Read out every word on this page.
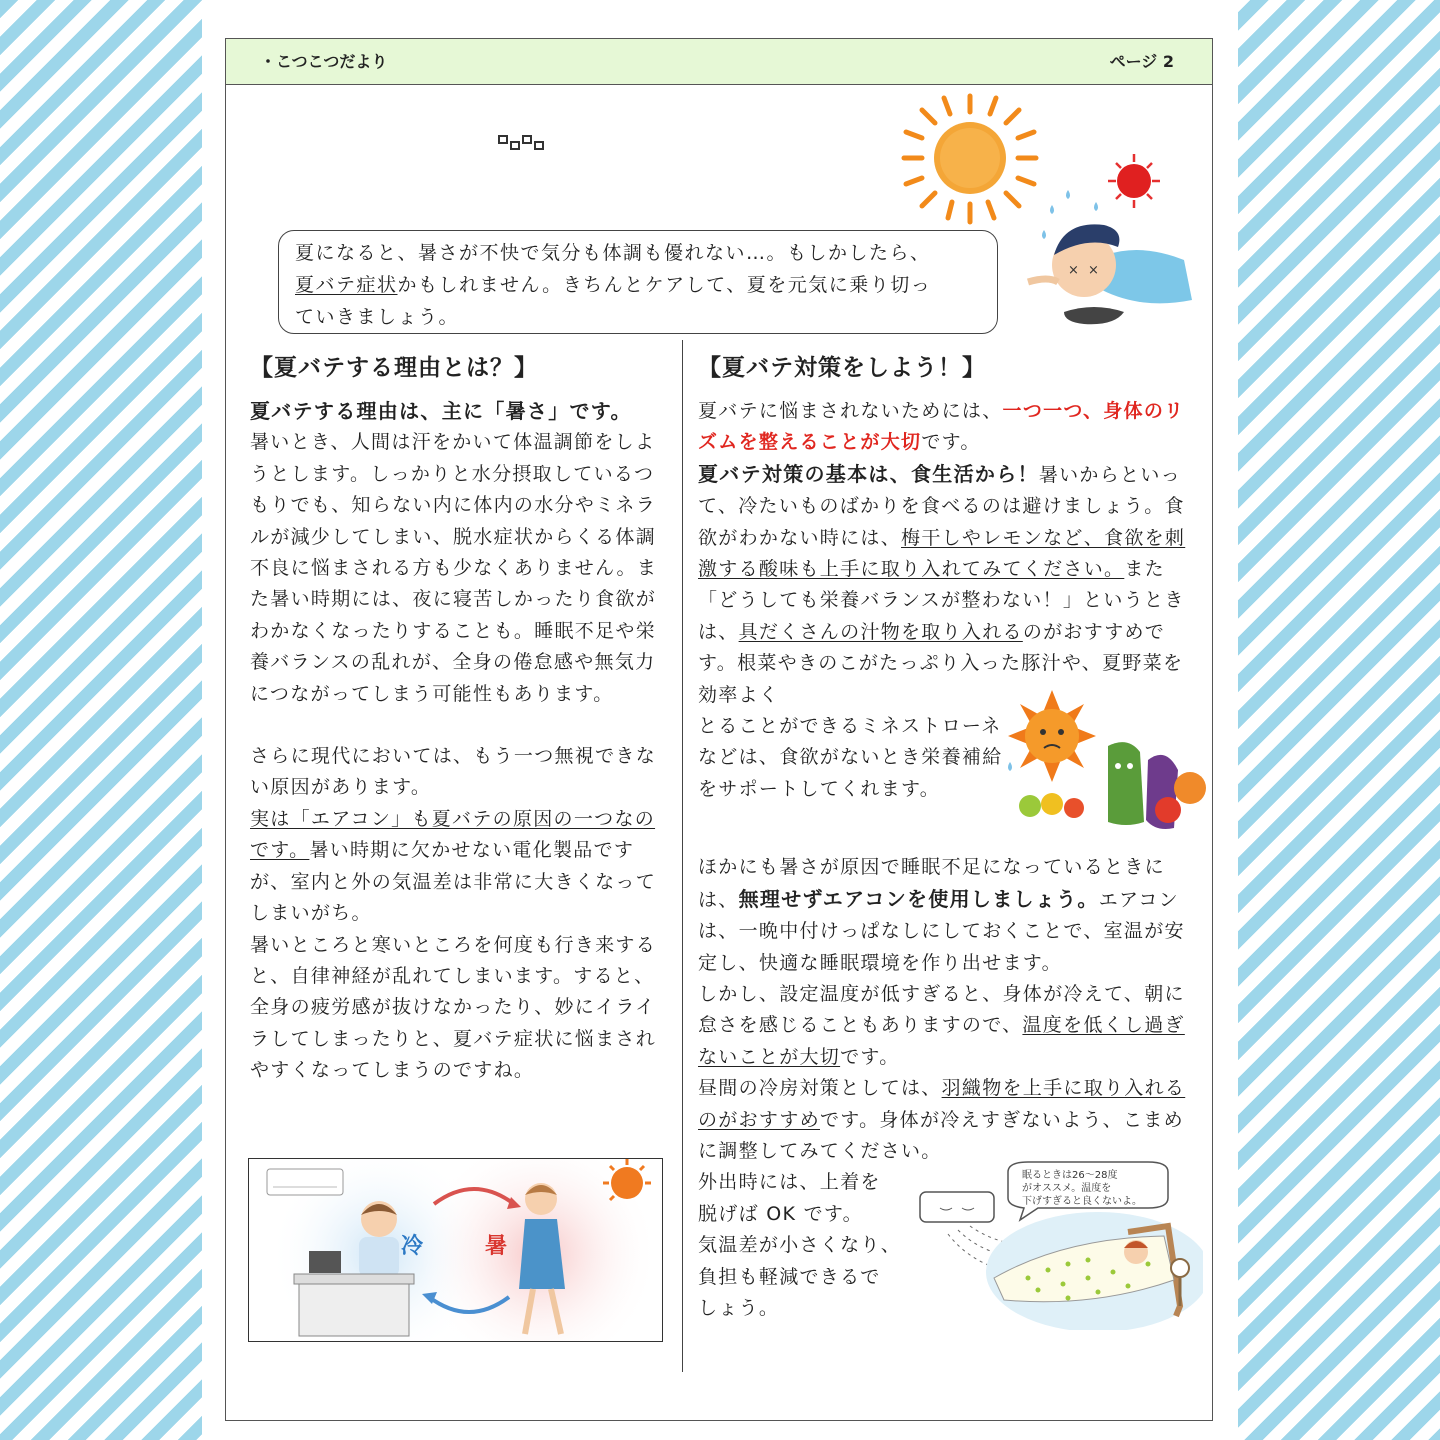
・こつこつだより	ページ 2
× ×
夏になると、暑さが不快で気分も体調も優れない…。もしかしたら、
夏バテ症状かもしれません。きちんとケアして、夏を元気に乗り切っ
ていきましょう。
【夏バテする理由とは？】

夏バテする理由は、主に「暑さ」です。

暑いとき、人間は汗をかいて体温調節をしようとします。しっかりと水分摂取しているつもりでも、知らない内に体内の水分やミネラルが減少してしまい、脱水症状からくる体調不良に悩まされる方も少なくありません。また暑い時期には、夜に寝苦しかったり食欲がわかなくなったりすることも。睡眠不足や栄養バランスの乱れが、全身の倦怠感や無気力につながってしまう可能性もあります。

さらに現代においては、もう一つ無視できない原因があります。

実は「エアコン」も夏バテの原因の一つなのです。暑い時期に欠かせない電化製品ですが、室内と外の気温差は非常に大きくなってしまいがち。

暑いところと寒いところを何度も行き来すると、自律神経が乱れてしまいます。すると、全身の疲労感が抜けなかったり、妙にイライラしてしまったりと、夏バテ症状に悩まされやすくなってしまうのですね。

冷	暑
【夏バテ対策をしよう！】

夏バテに悩まされないためには、一つ一つ、身体のリズムを整えることが大切です。

夏バテ対策の基本は、食生活から！暑いからといって、冷たいものばかりを食べるのは避けましょう。食欲がわかない時には、梅干しやレモンなど、食欲を刺激する酸味も上手に取り入れてみてください。また「どうしても栄養バランスが整わない！」というときは、具だくさんの汁物を取り入れるのがおすすめです。根菜やきのこがたっぷり入った豚汁や、夏野菜を効率よく

とることができるミネストローネなどは、食欲がないとき栄養補給をサポートしてくれます。

ほかにも暑さが原因で睡眠不足になっているときには、無理せずエアコンを使用しましょう。エアコンは、一晩中付けっぱなしにしておくことで、室温が安定し、快適な睡眠環境を作り出せます。

しかし、設定温度が低すぎると、身体が冷えて、朝に怠さを感じることもありますので、温度を低くし過ぎないことが大切です。

昼間の冷房対策としては、羽織物を上手に取り入れるのがおすすめです。身体が冷えすぎないよう、こまめに調整してみてください。

外出時には、上着を
脱げば OK です。
気温差が小さくなり、
負担も軽減できるで
しょう。
眠るときは26～28度
がオススメ。温度を
下げすぎると良くないよ。
